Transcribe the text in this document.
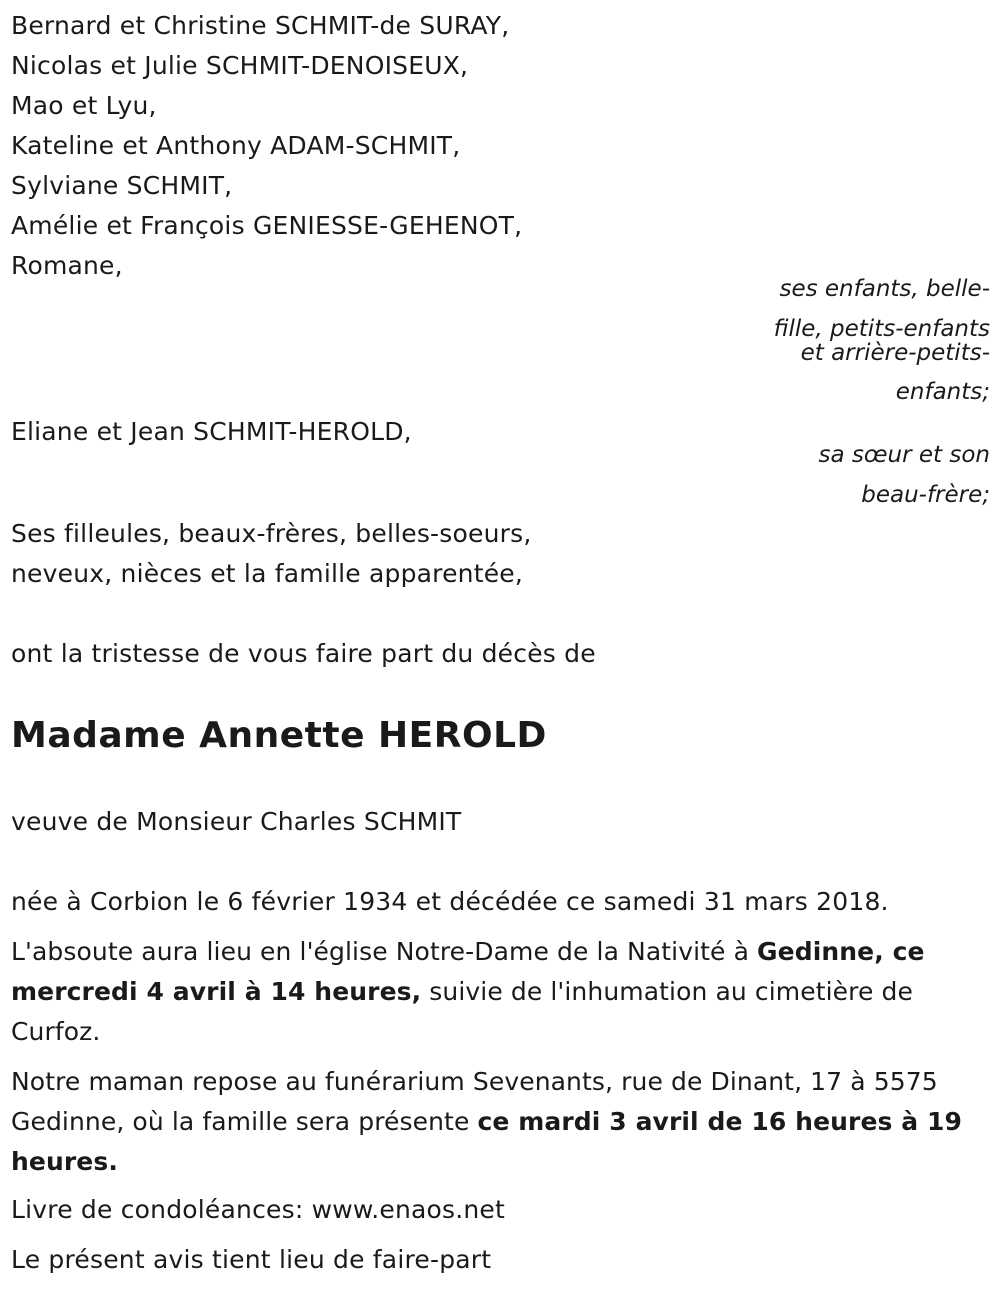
Bernard et Christine SCHMIT-de SURAY,
Nicolas et Julie SCHMIT-DENOISEUX,
Mao et Lyu,
Kateline et Anthony ADAM-SCHMIT,
Sylviane SCHMIT,
Amélie et François GENIESSE-GEHENOT,
Romane,
ses enfants, belle-
fille, petits-enfants
et arrière-petits-
enfants;
Eliane et Jean SCHMIT-HEROLD,
sa sœur et son
beau-frère;
Ses filleules, beaux-frères, belles-soeurs,
neveux, nièces et la famille apparentée,
ont la tristesse de vous faire part du décès de
Madame Annette HEROLD
veuve de Monsieur Charles SCHMIT
née à Corbion le 6 février 1934 et décédée ce samedi 31 mars 2018.
L'absoute aura lieu en l'église Notre-Dame de la Nativité à Gedinne, ce mercredi 4 avril à 14 heures, suivie de l'inhumation au cimetière de Curfoz.
Notre maman repose au funérarium Sevenants, rue de Dinant, 17 à 5575 Gedinne, où la famille sera présente ce mardi 3 avril de 16 heures à 19 heures.
Livre de condoléances: www.enaos.net
Le présent avis tient lieu de faire-part
